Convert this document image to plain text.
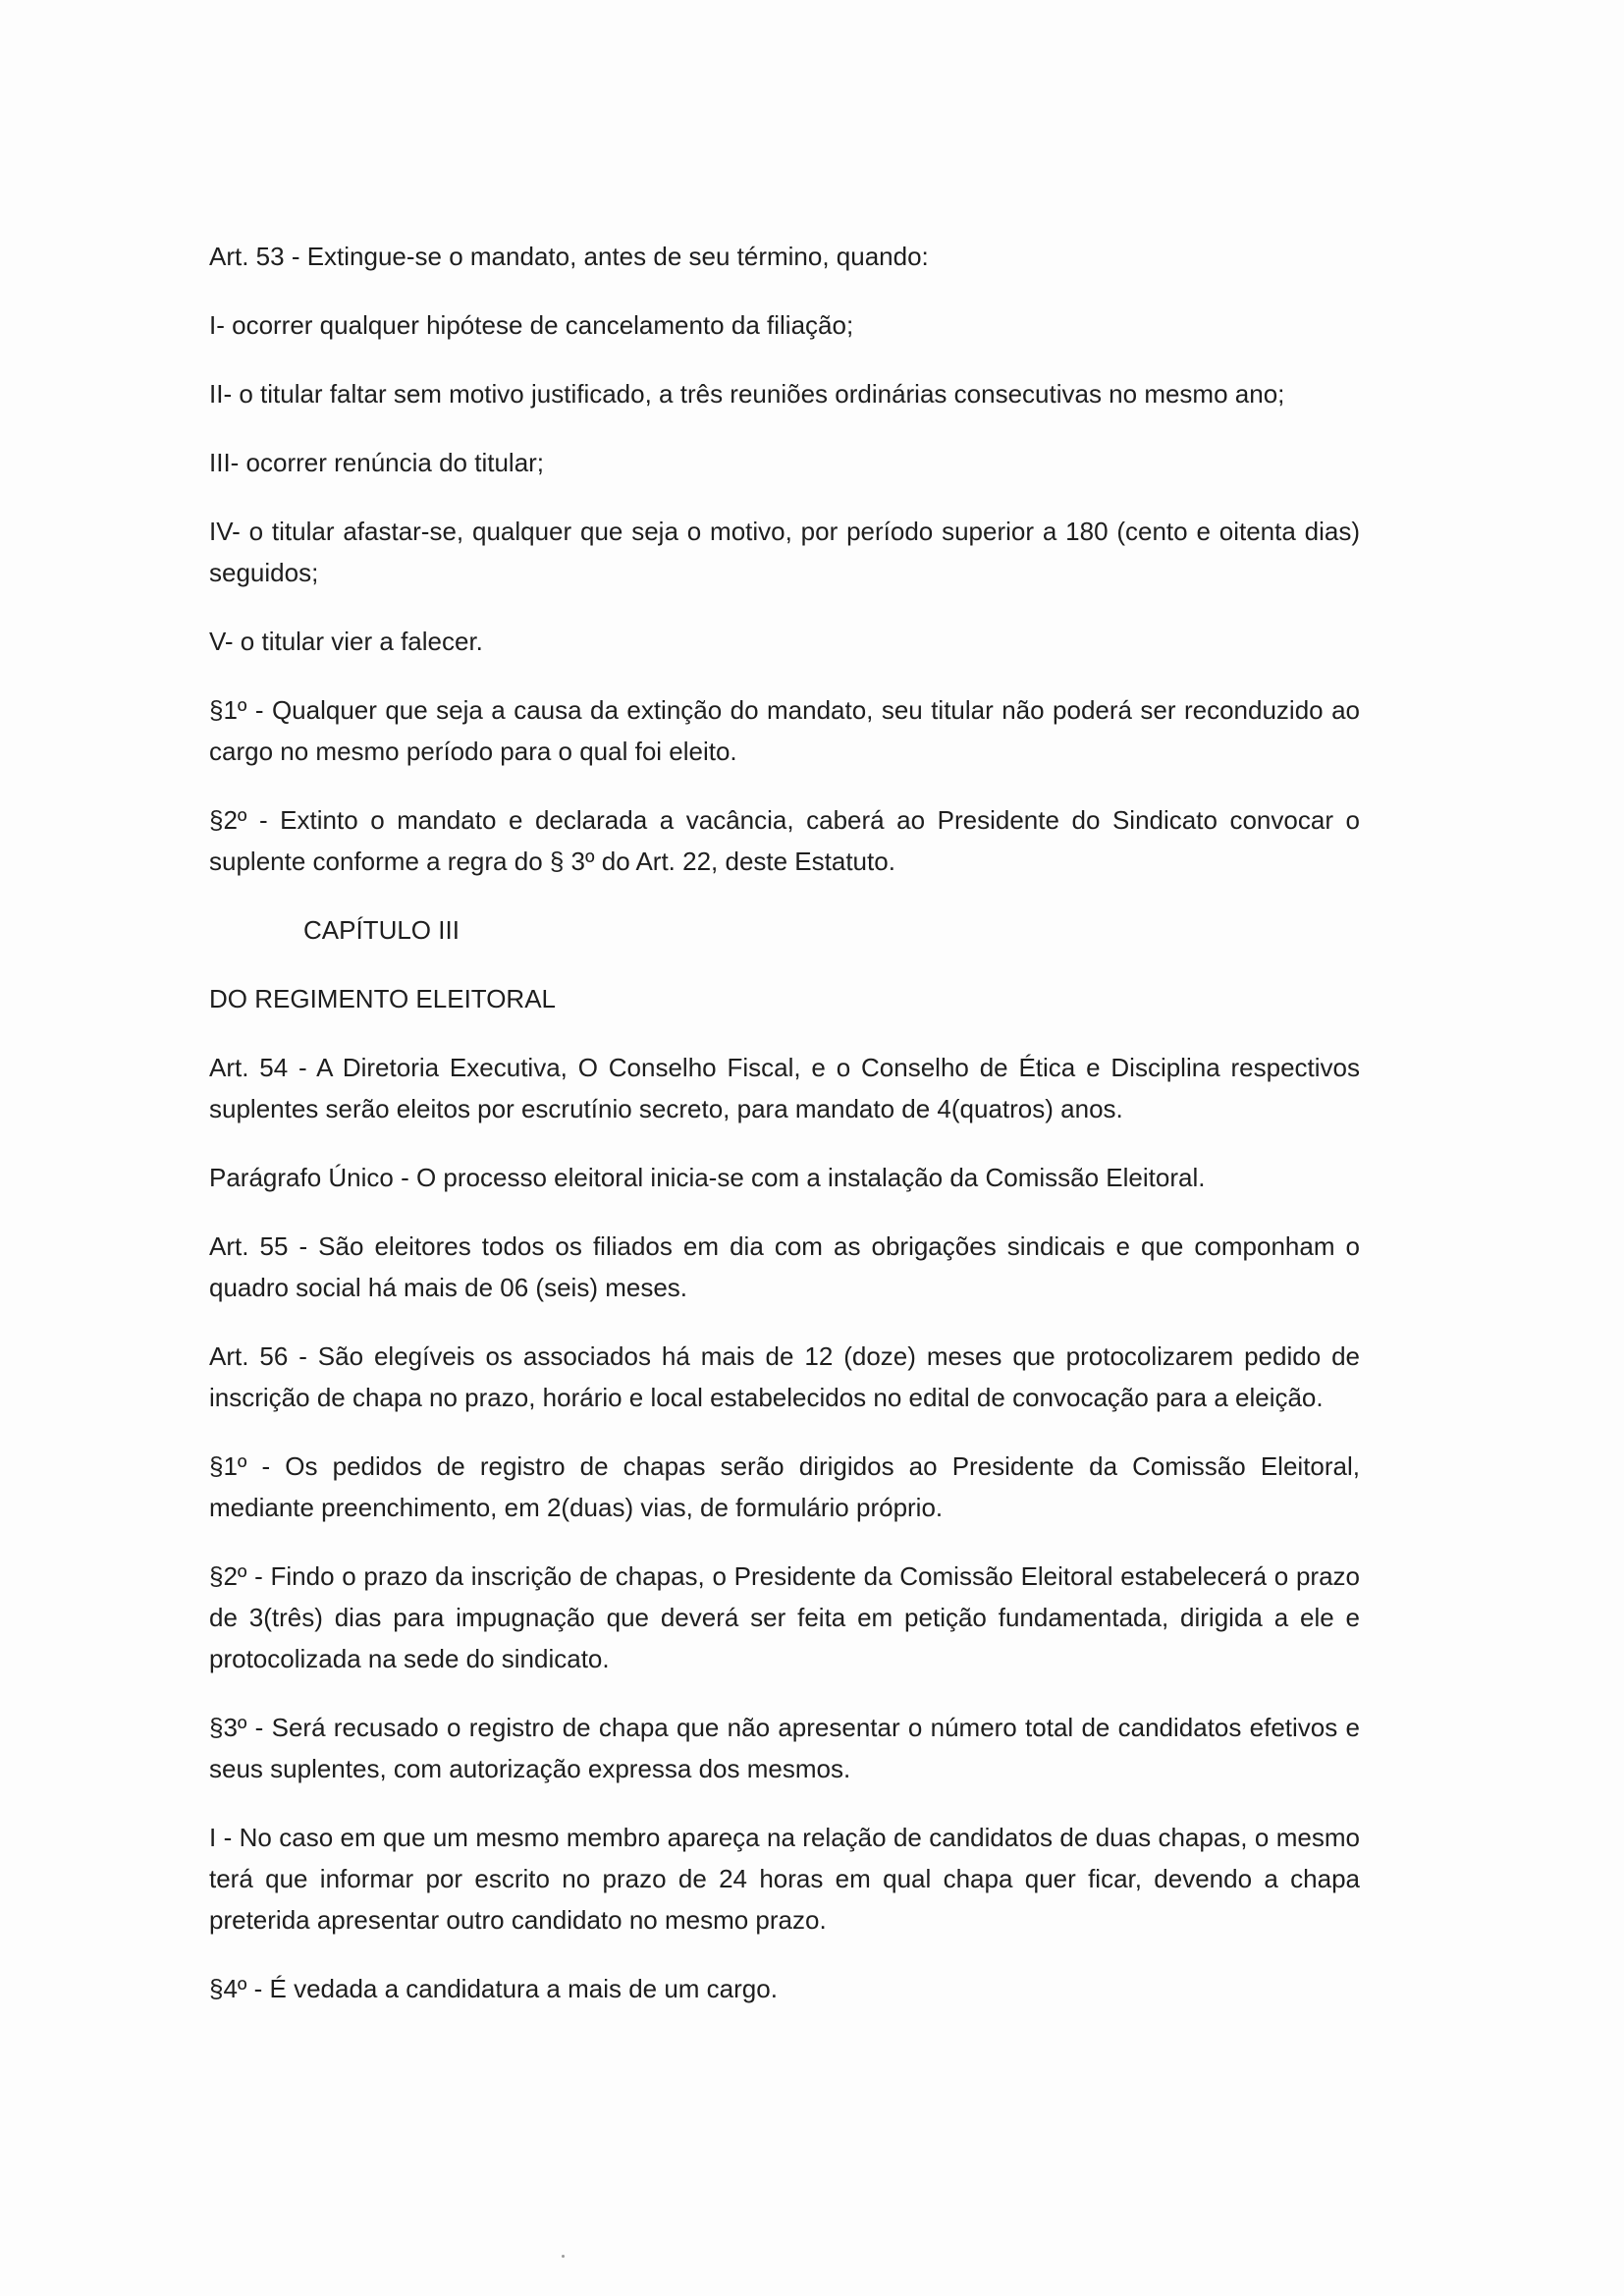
Art. 53 - Extingue-se o mandato, antes de seu término, quando:

I- ocorrer qualquer hipótese de cancelamento da filiação;

II- o titular faltar sem motivo justificado, a três reuniões ordinárias consecutivas no mesmo ano;

III- ocorrer renúncia do titular;

IV- o titular afastar-se, qualquer que seja o motivo, por período superior a 180 (cento e oitenta dias) seguidos;

V- o titular vier a falecer.

§1º - Qualquer que seja a causa da extinção do mandato, seu titular não poderá ser reconduzido ao cargo no mesmo período para o qual foi eleito.

§2º - Extinto o mandato e declarada a vacância, caberá ao Presidente do Sindicato convocar o suplente conforme a regra do § 3º do Art. 22, deste Estatuto.

CAPÍTULO III

DO REGIMENTO ELEITORAL

Art. 54 - A Diretoria Executiva, O Conselho Fiscal, e o Conselho de Ética e Disciplina respectivos suplentes serão eleitos por escrutínio secreto, para mandato de 4(quatros) anos.

Parágrafo Único - O processo eleitoral inicia-se com a instalação da Comissão Eleitoral.

Art. 55 - São eleitores todos os filiados em dia com as obrigações sindicais e que componham o quadro social há mais de 06 (seis) meses.

Art. 56 - São elegíveis os associados há mais de 12 (doze) meses que protocolizarem pedido de inscrição de chapa no prazo, horário e local estabelecidos no edital de convocação para a eleição.

§1º - Os pedidos de registro de chapas serão dirigidos ao Presidente da Comissão Eleitoral, mediante preenchimento, em 2(duas) vias, de formulário próprio.

§2º - Findo o prazo da inscrição de chapas, o Presidente da Comissão Eleitoral estabelecerá o prazo de 3(três) dias para impugnação que deverá ser feita em petição fundamentada, dirigida a ele e protocolizada na sede do sindicato.

§3º - Será recusado o registro de chapa que não apresentar o número total de candidatos efetivos e seus suplentes, com autorização expressa dos mesmos.

I - No caso em que um mesmo membro apareça na relação de candidatos de duas chapas, o mesmo terá que informar por escrito no prazo de 24 horas em qual chapa quer ficar, devendo a chapa preterida apresentar outro candidato no mesmo prazo.

§4º - É vedada a candidatura a mais de um cargo.
